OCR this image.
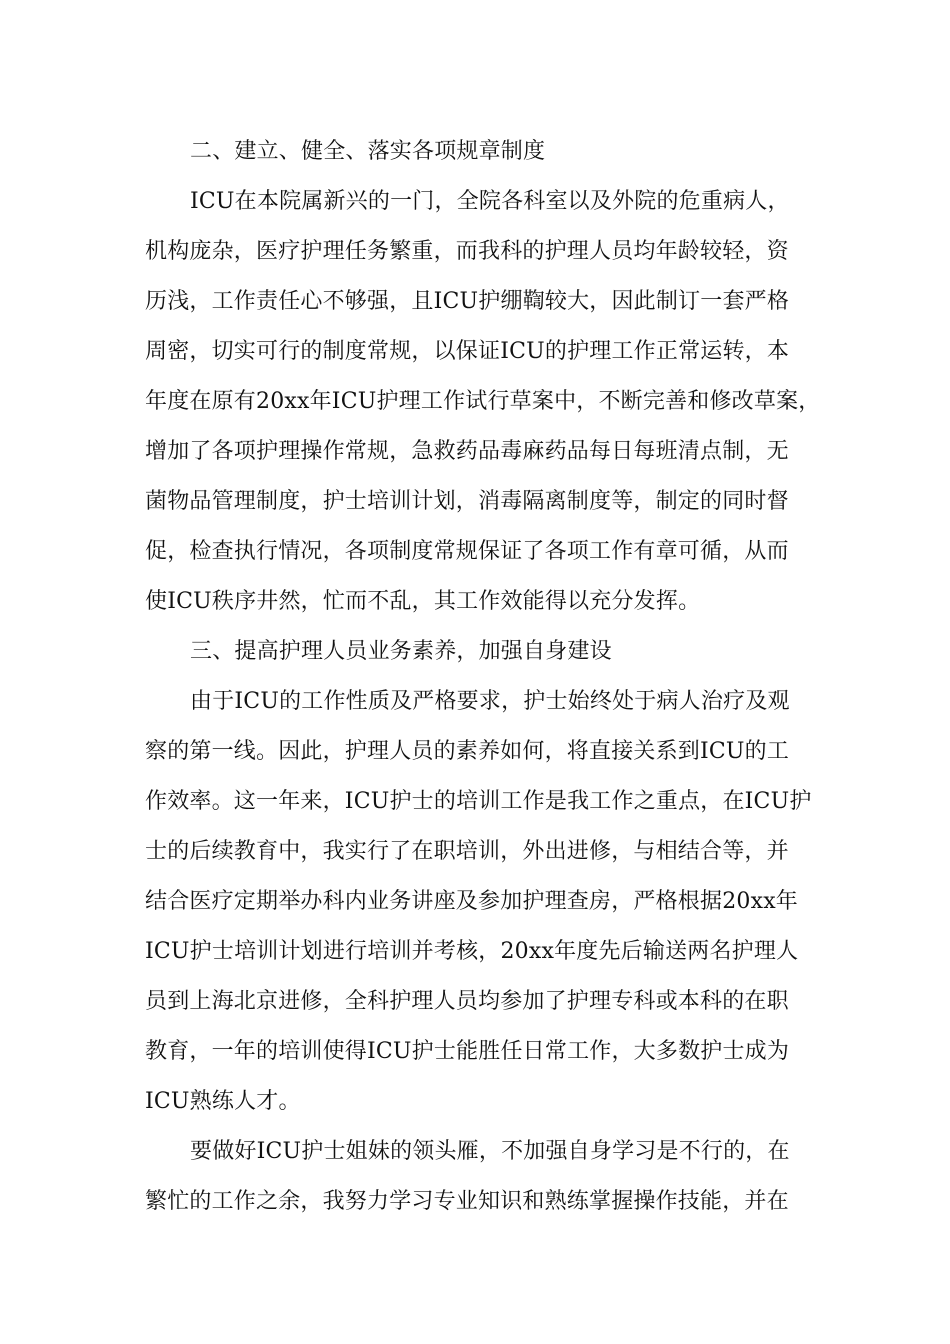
二、建立、健全、落实各项规章制度
ICU在本院属新兴的一门，全院各科室以及外院的危重病人，
机构庞杂，医疗护理任务繁重，而我科的护理人员均年龄较轻，资
历浅，工作责任心不够强，且ICU护绷鞫较大，因此制订一套严格
周密，切实可行的制度常规，以保证ICU的护理工作正常运转，本
年度在原有20xx年ICU护理工作试行草案中，不断完善和修改草案，
增加了各项护理操作常规，急救药品毒麻药品每日每班清点制，无
菌物品管理制度，护士培训计划，消毒隔离制度等，制定的同时督
促，检查执行情况，各项制度常规保证了各项工作有章可循，从而
使ICU秩序井然，忙而不乱，其工作效能得以充分发挥。
三、提高护理人员业务素养，加强自身建设
由于ICU的工作性质及严格要求，护士始终处于病人治疗及观
察的第一线。因此，护理人员的素养如何，将直接关系到ICU的工
作效率。这一年来，ICU护士的培训工作是我工作之重点，在ICU护
士的后续教育中，我实行了在职培训，外出进修，与相结合等，并
结合医疗定期举办科内业务讲座及参加护理查房，严格根据20xx年
ICU护士培训计划进行培训并考核，20xx年度先后输送两名护理人
员到上海北京进修，全科护理人员均参加了护理专科或本科的在职
教育，一年的培训使得ICU护士能胜任日常工作，大多数护士成为
ICU熟练人才。
要做好ICU护士姐妹的领头雁，不加强自身学习是不行的，在
繁忙的工作之余，我努力学习专业知识和熟练掌握操作技能，并在
